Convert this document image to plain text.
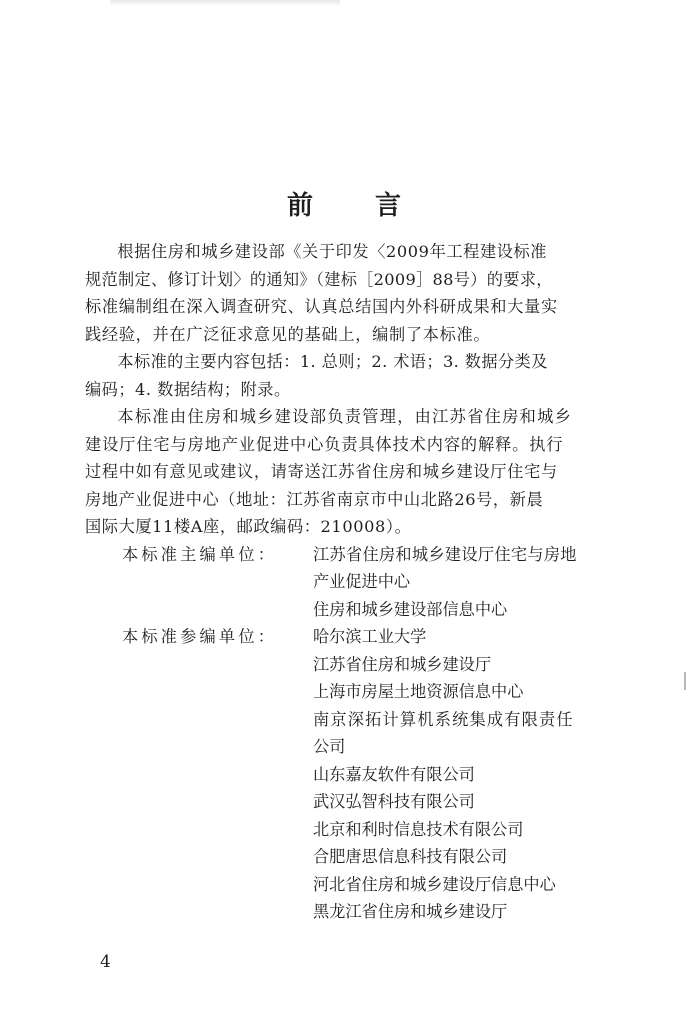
前 言

根据住房和城乡建设部《关于印发〈2009年工程建设标准
规范制定、修订计划〉的通知》（建标［2009］88号）的要求，
标准编制组在深入调查研究、认真总结国内外科研成果和大量实
践经验，并在广泛征求意见的基础上，编制了本标准。

本标准的主要内容包括：1. 总则；2. 术语；3. 数据分类及
编码；4. 数据结构；附录。

本标准由住房和城乡建设部负责管理，由江苏省住房和城乡
建设厅住宅与房地产业促进中心负责具体技术内容的解释。执行
过程中如有意见或建议，请寄送江苏省住房和城乡建设厅住宅与
房地产业促进中心（地址：江苏省南京市中山北路26号，新晨
国际大厦11楼A座，邮政编码：210008）。

本标准主编单位：	江苏省住房和城乡建设厅住宅与房地
产业促进中心
住房和城乡建设部信息中心
本标准参编单位：	哈尔滨工业大学
江苏省住房和城乡建设厅
上海市房屋土地资源信息中心
南京深拓计算机系统集成有限责任
公司
山东嘉友软件有限公司
武汉弘智科技有限公司
北京和利时信息技术有限公司
合肥唐思信息科技有限公司
河北省住房和城乡建设厅信息中心
黑龙江省住房和城乡建设厅
4
